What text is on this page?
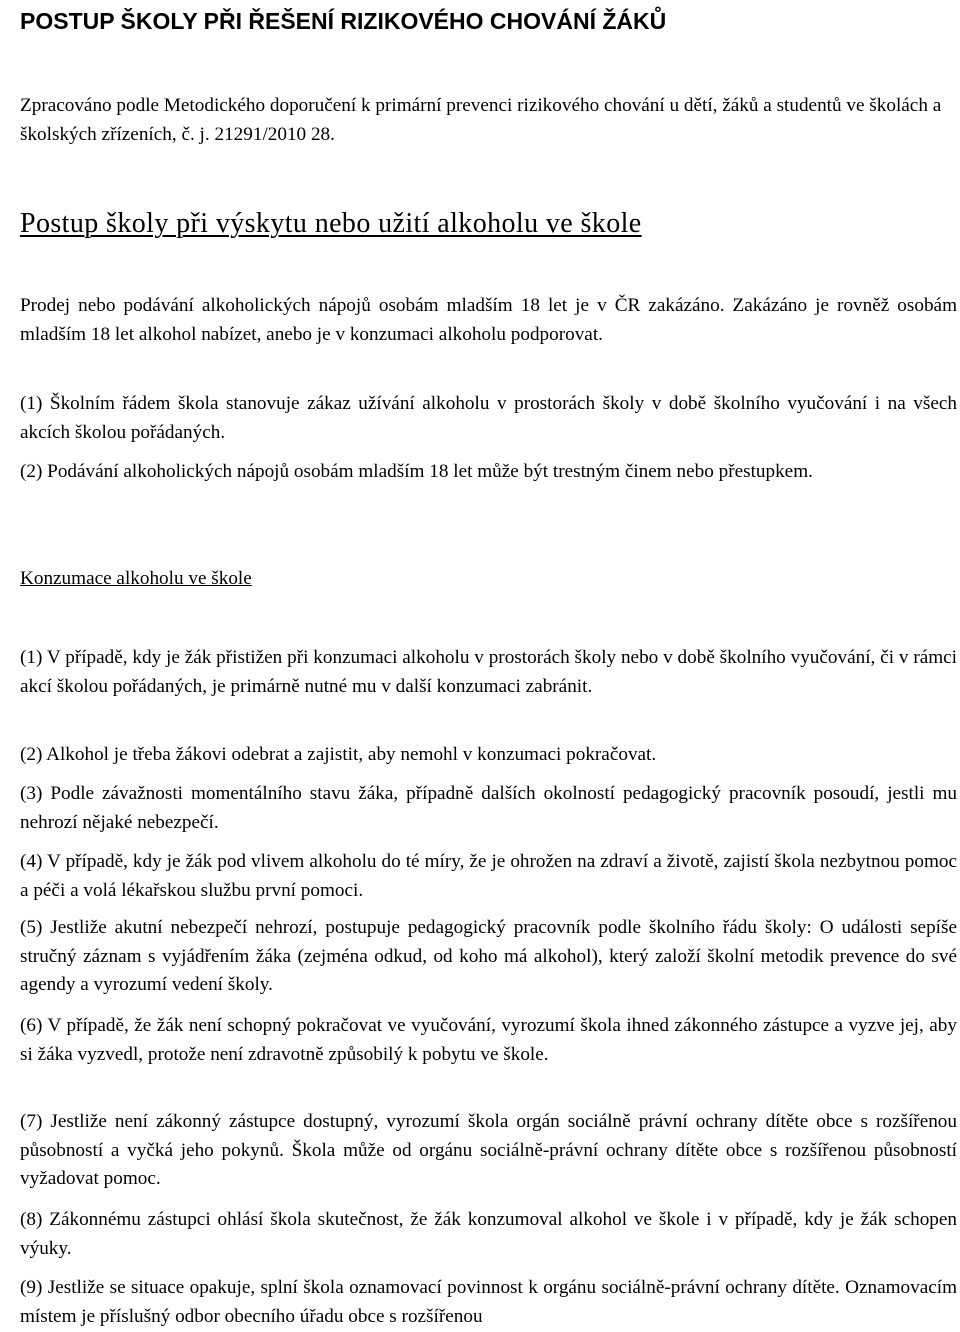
POSTUP ŠKOLY PŘI ŘEŠENÍ RIZIKOVÉHO CHOVÁNÍ ŽÁKŮ

Zpracováno podle Metodického doporučení k primární prevenci rizikového chování u dětí, žáků a studentů ve školách a školských zřízeních, č. j. 21291/2010 28.

Postup školy při výskytu nebo užití alkoholu ve škole

Prodej nebo podávání alkoholických nápojů osobám mladším 18 let je v ČR zakázáno. Zakázáno je rovněž osobám mladším 18 let alkohol nabízet, anebo je v konzumaci alkoholu podporovat.

(1) Školním řádem škola stanovuje zákaz užívání alkoholu v prostorách školy v době školního vyučování i na všech akcích školou pořádaných.

(2) Podávání alkoholických nápojů osobám mladším 18 let může být trestným činem nebo přestupkem.

Konzumace alkoholu ve škole

(1) V případě, kdy je žák přistižen při konzumaci alkoholu v prostorách školy nebo v době školního vyučování, či v rámci akcí školou pořádaných, je primárně nutné mu v další konzumaci zabránit.

(2) Alkohol je třeba žákovi odebrat a zajistit, aby nemohl v konzumaci pokračovat.

(3) Podle závažnosti momentálního stavu žáka, případně dalších okolností pedagogický pracovník posoudí, jestli mu nehrozí nějaké nebezpečí.

(4) V případě, kdy je žák pod vlivem alkoholu do té míry, že je ohrožen na zdraví a životě, zajistí škola nezbytnou pomoc a péči a volá lékařskou službu první pomoci.

(5) Jestliže akutní nebezpečí nehrozí, postupuje pedagogický pracovník podle školního řádu školy: O události sepíše stručný záznam s vyjádřením žáka (zejména odkud, od koho má alkohol), který založí školní metodik prevence do své agendy a vyrozumí vedení školy.

(6) V případě, že žák není schopný pokračovat ve vyučování, vyrozumí škola ihned zákonného zástupce a vyzve jej, aby si žáka vyzvedl, protože není zdravotně způsobilý k pobytu ve škole.

(7) Jestliže není zákonný zástupce dostupný, vyrozumí škola orgán sociálně právní ochrany dítěte obce s rozšířenou působností a vyčká jeho pokynů. Škola může od orgánu sociálně-právní ochrany dítěte obce s rozšířenou působností vyžadovat pomoc.

(8) Zákonnému zástupci ohlásí škola skutečnost, že žák konzumoval alkohol ve škole i v případě, kdy je žák schopen výuky.

(9) Jestliže se situace opakuje, splní škola oznamovací povinnost k orgánu sociálně-právní ochrany dítěte. Oznamovacím místem je příslušný odbor obecního úřadu obce s rozšířenou
